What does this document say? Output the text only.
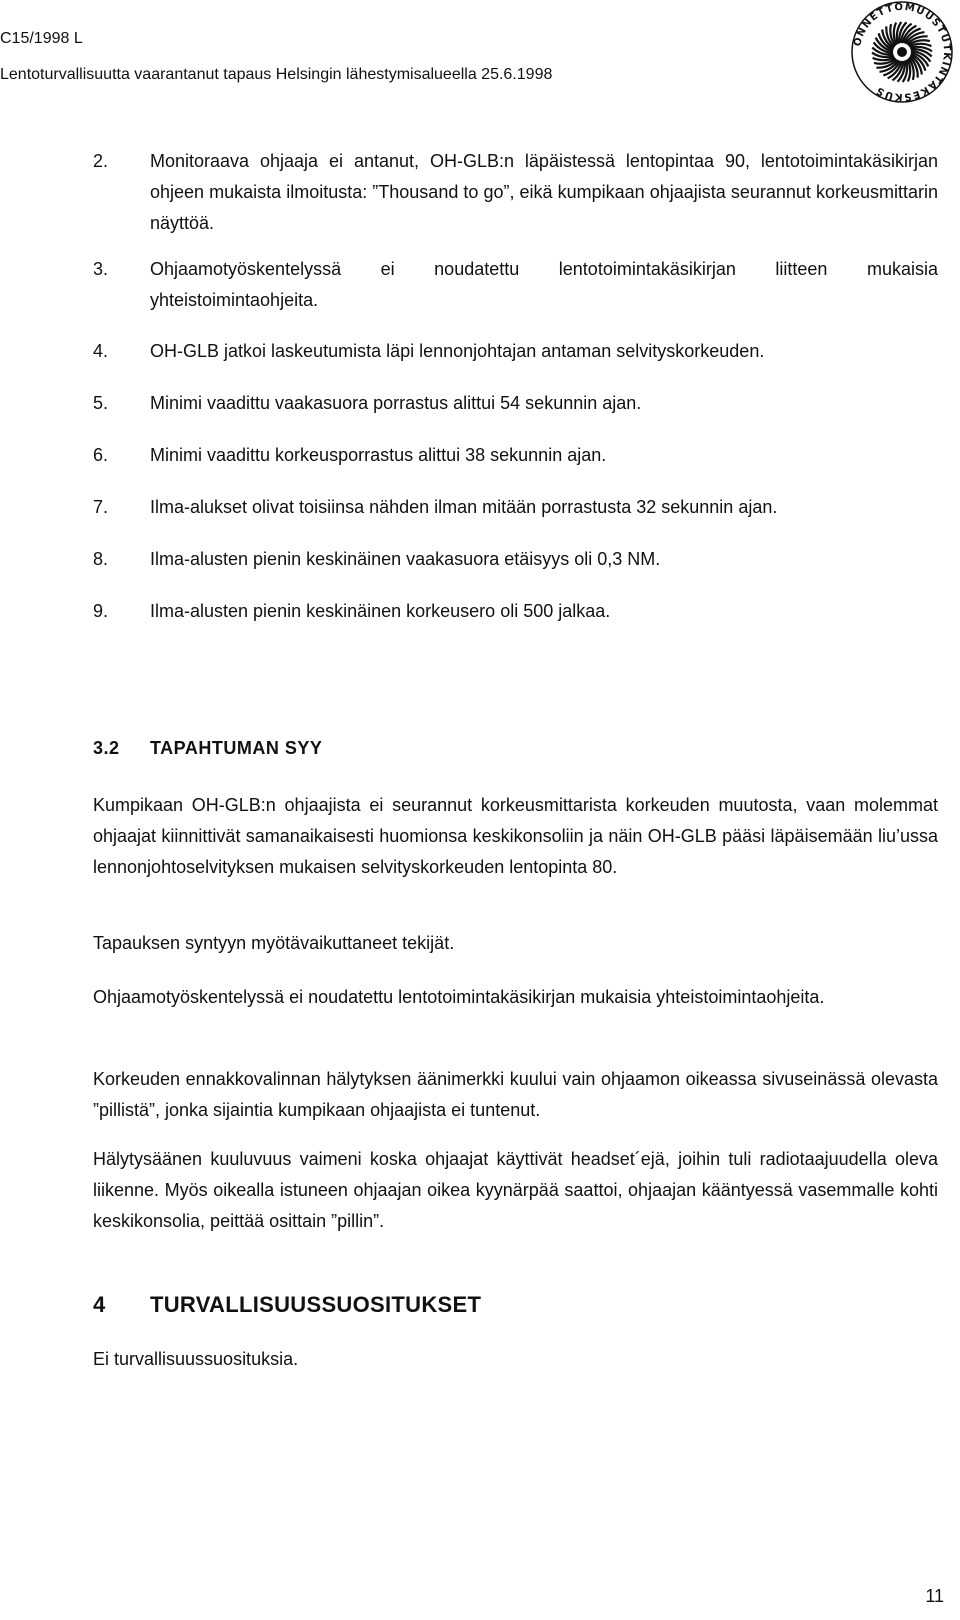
C15/1998 L
Lentoturvallisuutta vaarantanut tapaus Helsingin lähestymisalueella 25.6.1998
ONNETTOMUUSTUTKINTAKESKUS
2. Monitoraava ohjaaja ei antanut, OH-GLB:n läpäistessä lentopintaa 90, lentotoimintakäsikirjan ohjeen mukaista ilmoitusta: ”Thousand to go”, eikä kumpikaan ohjaajista seurannut korkeusmittarin näyttöä.
3. Ohjaamotyöskentelyssä ei noudatettu lentotoimintakäsikirjan liitteen mukaisia yhteistoimintaohjeita.
4. OH-GLB jatkoi laskeutumista läpi lennonjohtajan antaman selvityskorkeuden.
5. Minimi vaadittu vaakasuora porrastus alittui 54 sekunnin ajan.
6. Minimi vaadittu korkeusporrastus alittui 38 sekunnin ajan.
7. Ilma-alukset olivat toisiinsa nähden ilman mitään porrastusta 32 sekunnin ajan.
8. Ilma-alusten pienin keskinäinen vaakasuora etäisyys oli 0,3 NM.
9. Ilma-alusten pienin keskinäinen korkeusero oli 500 jalkaa.
3.2 TAPAHTUMAN SYY
Kumpikaan OH-GLB:n ohjaajista ei seurannut korkeusmittarista korkeuden muutosta, vaan molemmat ohjaajat kiinnittivät samanaikaisesti huomionsa keskikonsoliin ja näin OH-GLB pääsi läpäisemään liu’ussa lennonjohtoselvityksen mukaisen selvityskorkeuden lentopinta 80.
Tapauksen syntyyn myötävaikuttaneet tekijät.
Ohjaamotyöskentelyssä ei noudatettu lentotoimintakäsikirjan mukaisia yhteistoimintaohjeita.
Korkeuden ennakkovalinnan hälytyksen äänimerkki kuului vain ohjaamon oikeassa sivuseinässä olevasta ”pillistä”, jonka sijaintia kumpikaan ohjaajista ei tuntenut.
Hälytysäänen kuuluvuus vaimeni koska ohjaajat käyttivät headset´ejä, joihin tuli radiotaajuudella oleva liikenne. Myös oikealla istuneen ohjaajan oikea kyynärpää saattoi, ohjaajan kääntyessä vasemmalle kohti keskikonsolia, peittää osittain ”pillin”.
4 TURVALLISUUSSUOSITUKSET
Ei turvallisuussuosituksia.
11
